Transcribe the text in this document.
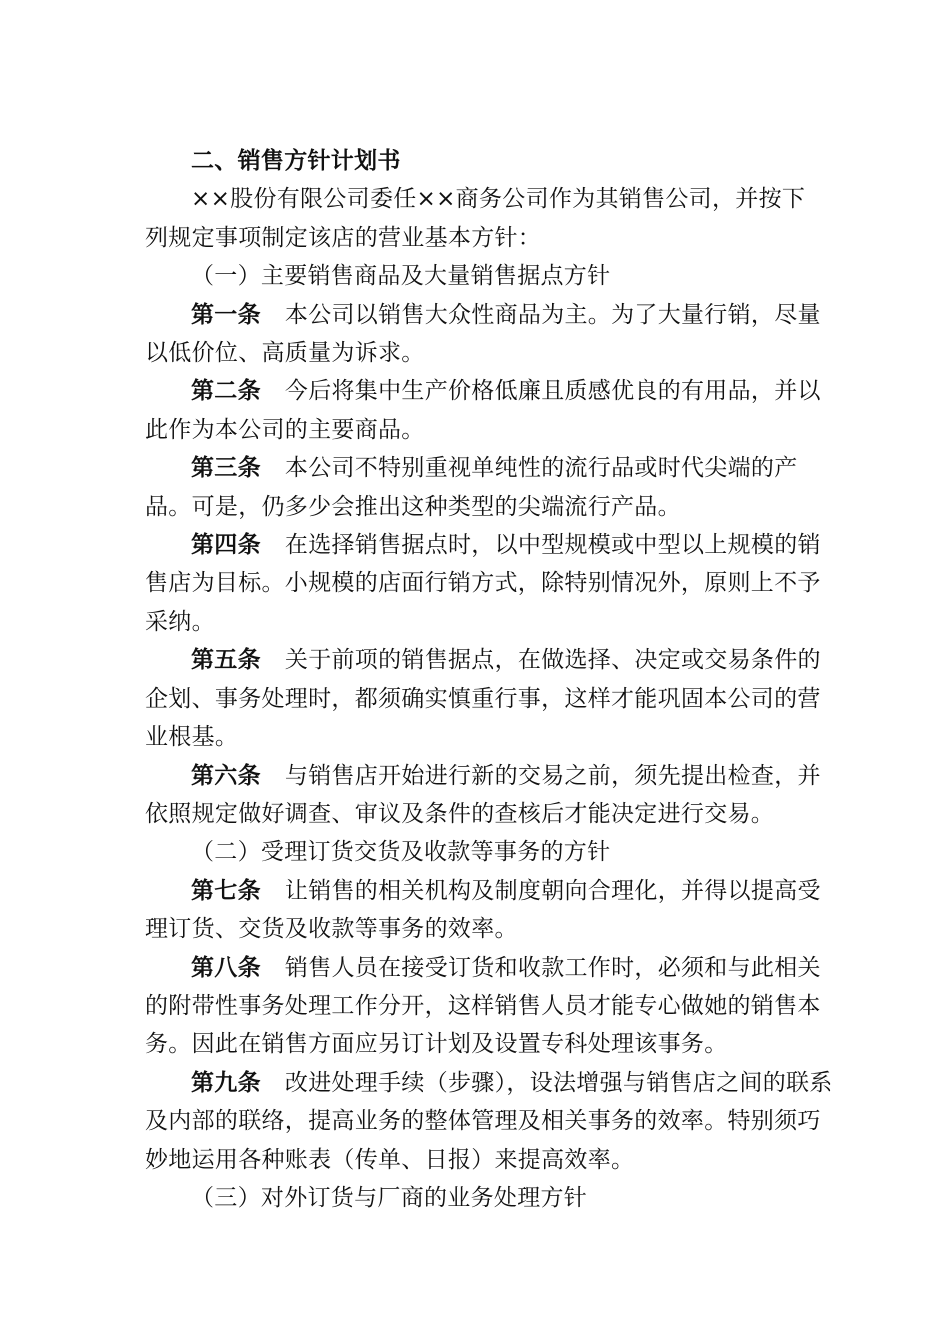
二、销售方针计划书
××股份有限公司委任××商务公司作为其销售公司，并按下
列规定事项制定该店的营业基本方针：
（一）主要销售商品及大量销售据点方针
第一条 本公司以销售大众性商品为主。为了大量行销，尽量
以低价位、高质量为诉求。
第二条 今后将集中生产价格低廉且质感优良的有用品，并以
此作为本公司的主要商品。
第三条 本公司不特别重视单纯性的流行品或时代尖端的产
品。可是，仍多少会推出这种类型的尖端流行产品。
第四条 在选择销售据点时，以中型规模或中型以上规模的销
售店为目标。小规模的店面行销方式，除特别情况外，原则上不予
采纳。
第五条 关于前项的销售据点，在做选择、决定或交易条件的
企划、事务处理时，都须确实慎重行事，这样才能巩固本公司的营
业根基。
第六条 与销售店开始进行新的交易之前，须先提出检查，并
依照规定做好调查、审议及条件的查核后才能决定进行交易。
（二）受理订货交货及收款等事务的方针
第七条 让销售的相关机构及制度朝向合理化，并得以提高受
理订货、交货及收款等事务的效率。
第八条 销售人员在接受订货和收款工作时，必须和与此相关
的附带性事务处理工作分开，这样销售人员才能专心做她的销售本
务。因此在销售方面应另订计划及设置专科处理该事务。
第九条 改进处理手续（步骤），设法增强与销售店之间的联系
及内部的联络，提高业务的整体管理及相关事务的效率。特别须巧
妙地运用各种账表（传单、日报）来提高效率。
（三）对外订货与厂商的业务处理方针
